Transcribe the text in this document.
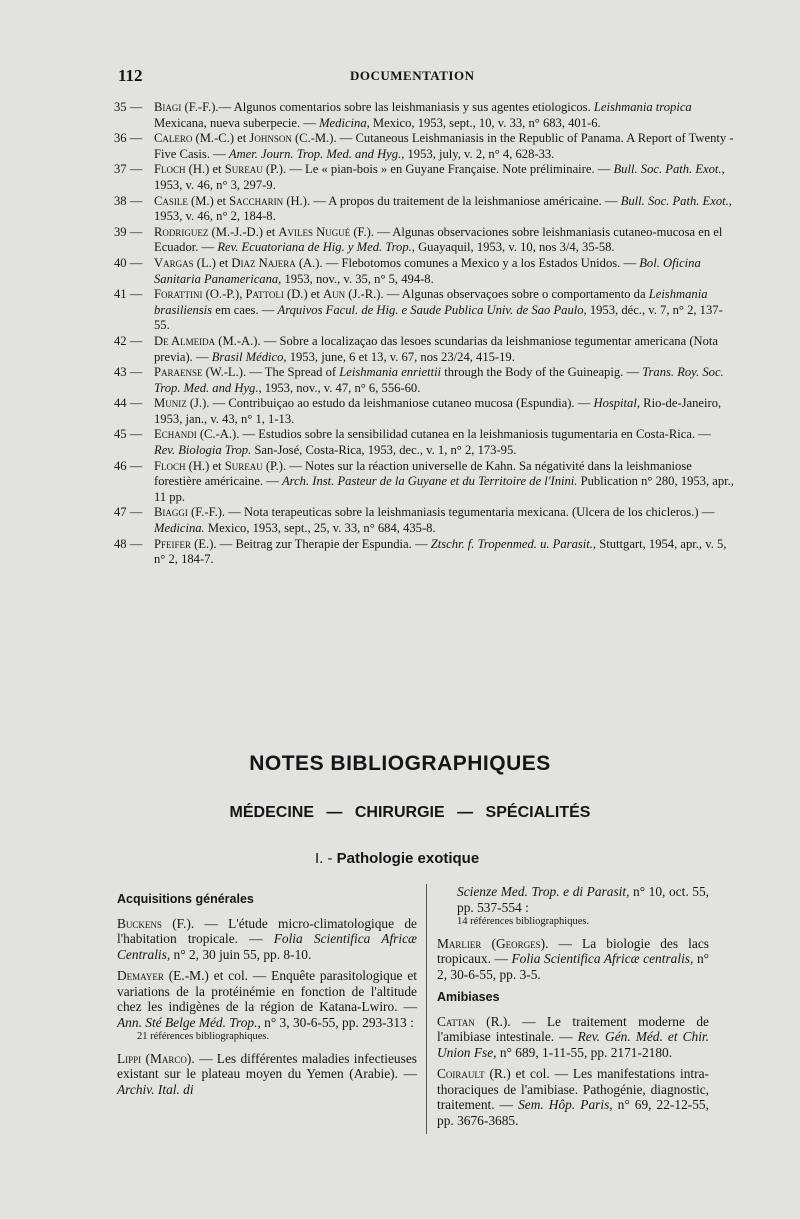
112	DOCUMENTATION
35 — Biagi (F.-F.).— Algunos comentarios sobre las leishmaniasis y sus agentes etiologicos. Leishmania tropica Mexicana, nueva suberpecie. — Medicina, Mexico, 1953, sept., 10, v. 33, n° 683, 401-6.
36 — Calero (M.-C.) et Johnson (C.-M.). — Cutaneous Leishmaniasis in the Republic of Panama. A Report of Twenty - Five Casis. — Amer. Journ. Trop. Med. and Hyg., 1953, july, v. 2, n° 4, 628-33.
37 — Floch (H.) et Sureau (P.). — Le « pian-bois » en Guyane Française. Note préliminaire. — Bull. Soc. Path. Exot., 1953, v. 46, n° 3, 297-9.
38 — Casile (M.) et Saccharin (H.). — A propos du traitement de la leishmaniose américaine. — Bull. Soc. Path. Exot., 1953, v. 46, n° 2, 184-8.
39 — Rodriguez (M.-J.-D.) et Aviles Nugué (F.). — Algunas observaciones sobre leishmaniasis cutaneo-mucosa en el Ecuador. — Rev. Ecuatoriana de Hig. y Med. Trop., Guayaquil, 1953, v. 10, nos 3/4, 35-58.
40 — Vargas (L.) et Diaz Najera (A.). — Flebotomos comunes a Mexico y a los Estados Unidos. — Bol. Oficina Sanitaria Panamericana, 1953, nov., v. 35, n° 5, 494-8.
41 — Forattini (O.-P.), Pattoli (D.) et Aun (J.-R.). — Algunas observaçoes sobre o comportamento da Leishmania brasiliensis em caes. — Arquivos Facul. de Hig. e Saude Publica Univ. de Sao Paulo, 1953, déc., v. 7, n° 2, 137-55.
42 — De Almeida (M.-A.). — Sobre a localizaçao das lesoes scundarias da leishmaniose tegumentar americana (Nota previa). — Brasil Médico, 1953, june, 6 et 13, v. 67, nos 23/24, 415-19.
43 — Paraense (W.-L.). — The Spread of Leishmania enriettii through the Body of the Guineapig. — Trans. Roy. Soc. Trop. Med. and Hyg., 1953, nov., v. 47, n° 6, 556-60.
44 — Muniz (J.). — Contribuiçao ao estudo da leishmaniose cutaneo mucosa (Espundia). — Hospital, Rio-de-Janeiro, 1953, jan., v. 43, n° 1, 1-13.
45 — Echandi (C.-A.). — Estudios sobre la sensibilidad cutanea en la leishmaniosis tugumentaria en Costa-Rica. — Rev. Biologia Trop. San-José, Costa-Rica, 1953, dec., v. 1, n° 2, 173-95.
46 — Floch (H.) et Sureau (P.). — Notes sur la réaction universelle de Kahn. Sa négativité dans la leishmaniose forestière américaine. — Arch. Inst. Pasteur de la Guyane et du Territoire de l'Inini. Publication n° 280, 1953, apr., 11 pp.
47 — Biaggi (F.-F.). — Nota terapeuticas sobre la leishmaniasis tegumentaria mexicana. (Ulcera de los chicleros.) — Medicina. Mexico, 1953, sept., 25, v. 33, n° 684, 435-8.
48 — Pfeifer (E.). — Beitrag zur Therapie der Espundia. — Ztschr. f. Tropenmed. u. Parasit., Stuttgart, 1954, apr., v. 5, n° 2, 184-7.
NOTES BIBLIOGRAPHIQUES
MÉDECINE — CHIRURGIE — SPÉCIALITÉS
I. - Pathologie exotique
Acquisitions générales
Buckens (F.). — L'étude micro-climatologique de l'habitation tropicale. — Folia Scientifica Africæ Centralis, n° 2, 30 juin 55, pp. 8-10.
Demayer (E.-M.) et col. — Enquête parasitologique et variations de la protéinémie en fonction de l'altitude chez les indigènes de la région de Katana-Lwiro. — Ann. Sté Belge Méd. Trop., n° 3, 30-6-55, pp. 293-313 :
21 références bibliographiques.
Lippi (Marco). — Les différentes maladies infectieuses existant sur le plateau moyen du Yemen (Arabie). — Archiv. Ital. di
Scienze Med. Trop. e di Parasit, n° 10, oct. 55, pp. 537-554 :
14 références bibliographiques.
Marlier (Georges). — La biologie des lacs tropicaux. — Folia Scientifica Africæ centralis, n° 2, 30-6-55, pp. 3-5.
Amibiases
Cattan (R.). — Le traitement moderne de l'amibiase intestinale. — Rev. Gén. Méd. et Chir. Union Fse, n° 689, 1-11-55, pp. 2171-2180.
Coirault (R.) et col. — Les manifestations intra-thoraciques de l'amibiase. Pathogénie, diagnostic, traitement. — Sem. Hôp. Paris, n° 69, 22-12-55, pp. 3676-3685.
